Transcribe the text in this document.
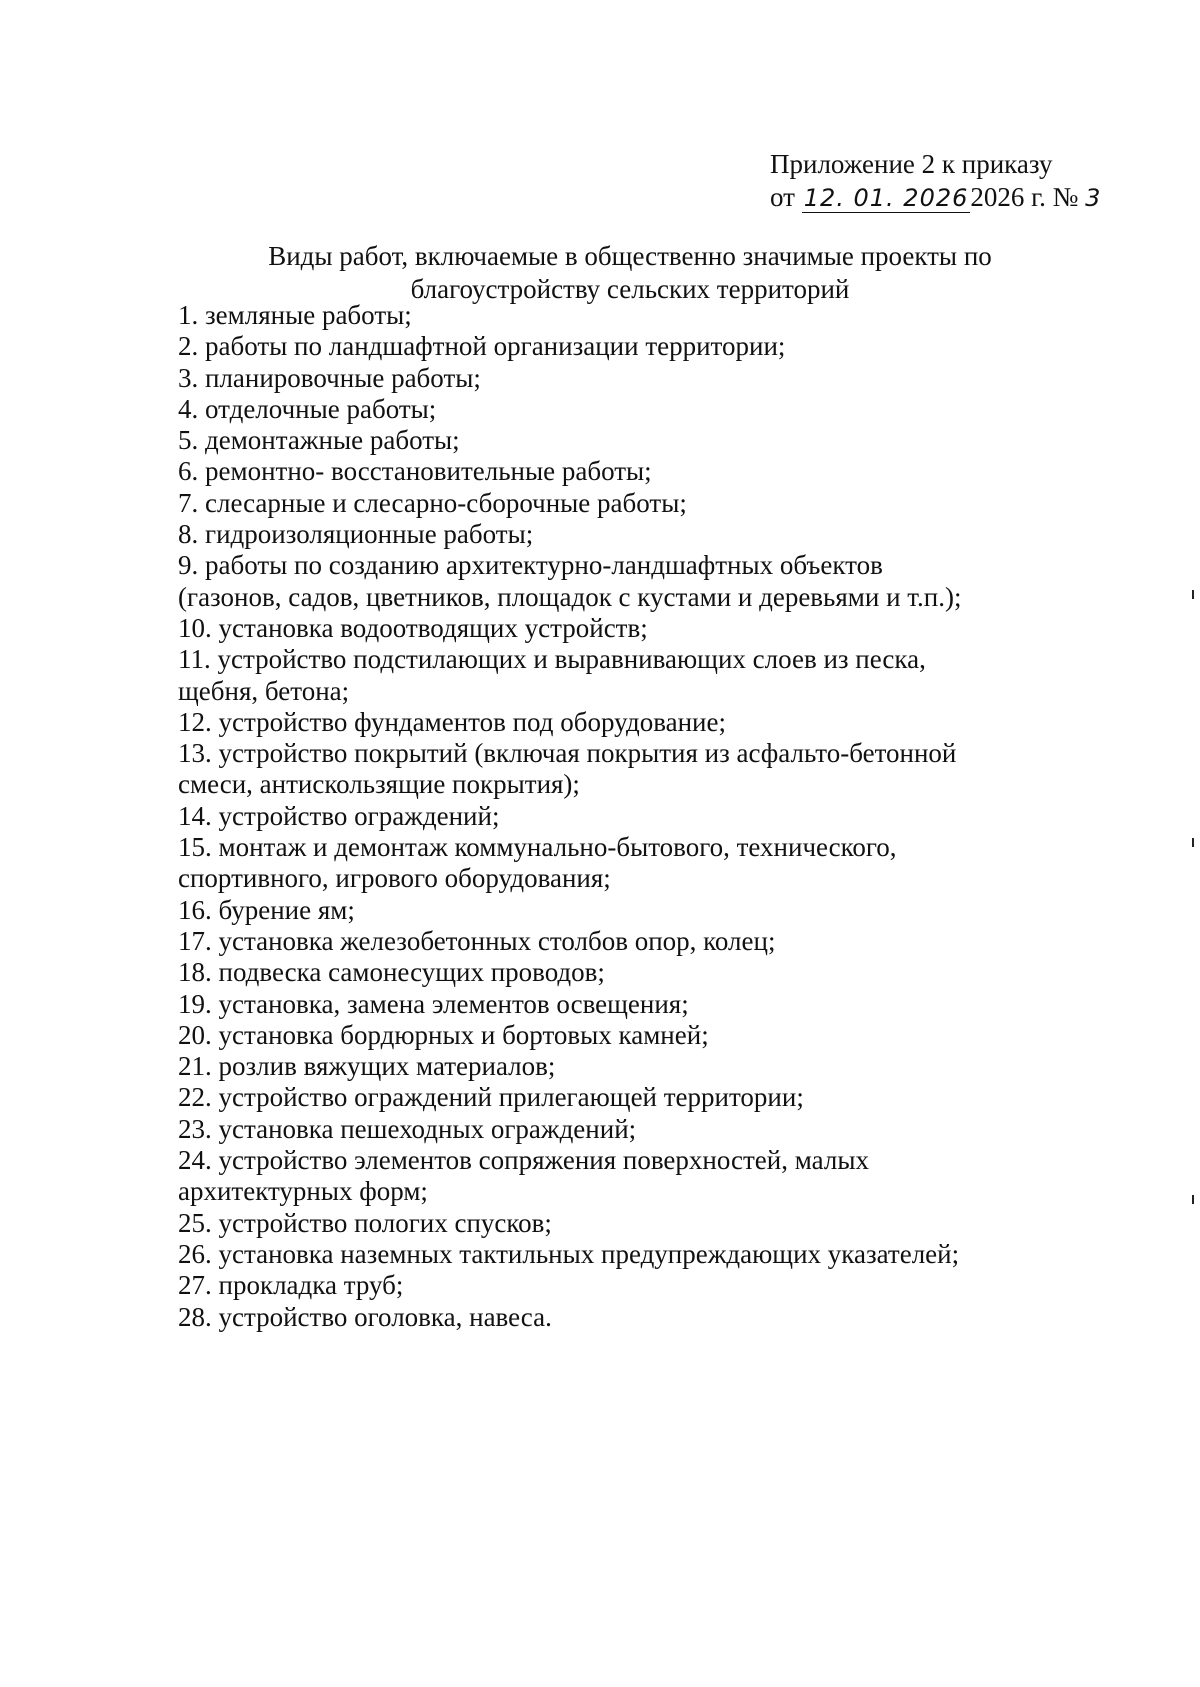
Приложение 2 к приказу
от 12. 01. 20262026 г. № 3
Виды работ, включаемые в общественно значимые проекты по
благоустройству сельских территорий
1. земляные работы;
2. работы по ландшафтной организации территории;
3. планировочные работы;
4. отделочные работы;
5. демонтажные работы;
6. ремонтно- восстановительные работы;
7. слесарные и слесарно-сборочные работы;
8. гидроизоляционные работы;
9. работы по созданию архитектурно-ландшафтных объектов
(газонов, садов, цветников, площадок с кустами и деревьями и т.п.);
10. установка водоотводящих устройств;
11. устройство подстилающих и выравнивающих слоев из песка,
щебня, бетона;
12. устройство фундаментов под оборудование;
13. устройство покрытий (включая покрытия из асфальто-бетонной
смеси, антискользящие покрытия);
14. устройство ограждений;
15. монтаж и демонтаж коммунально-бытового, технического,
спортивного, игрового оборудования;
16. бурение ям;
17. установка железобетонных столбов опор, колец;
18. подвеска самонесущих проводов;
19. установка, замена элементов освещения;
20. установка бордюрных и бортовых камней;
21. розлив вяжущих материалов;
22. устройство ограждений прилегающей территории;
23. установка пешеходных ограждений;
24. устройство элементов сопряжения поверхностей, малых
архитектурных форм;
25. устройство пологих спусков;
26. установка наземных тактильных предупреждающих указателей;
27. прокладка труб;
28. устройство оголовка, навеса.
